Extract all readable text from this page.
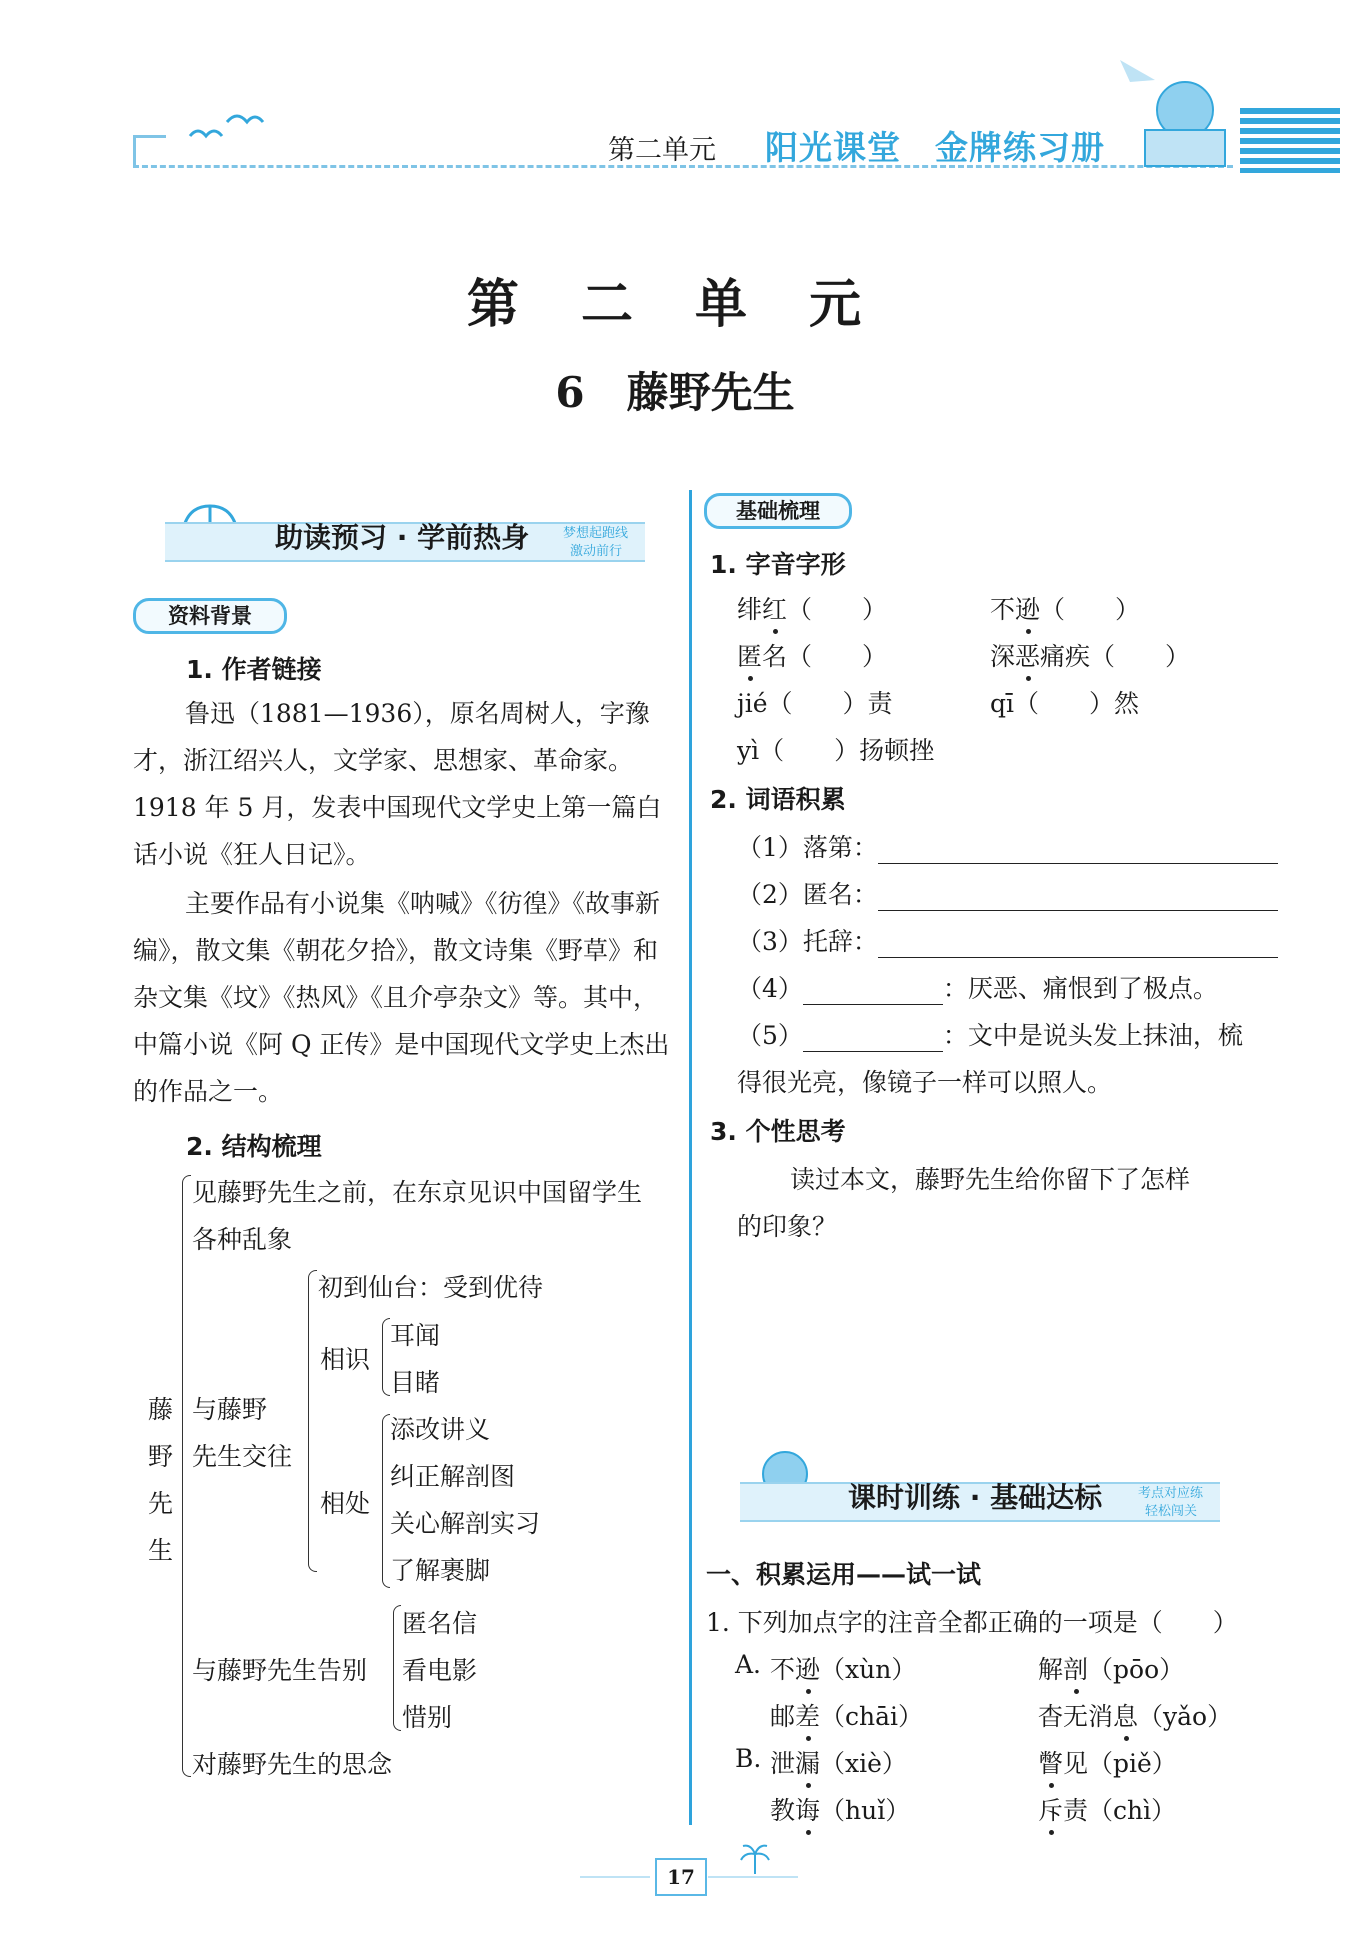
第二单元 阳光课堂　金牌练习册
第 二 单 元
6　藤野先生
助读预习 · 学前热身	梦想起跑线
激动前行
资料背景
1. 作者链接
鲁迅（1881—1936），原名周树人，字豫才，浙江绍兴人，文学家、思想家、革命家。1918 年 5 月，发表中国现代文学史上第一篇白话小说《狂人日记》。
主要作品有小说集《呐喊》《彷徨》《故事新编》，散文集《朝花夕拾》，散文诗集《野草》和杂文集《坟》《热风》《且介亭杂文》等。其中，中篇小说《阿 Q 正传》是中国现代文学史上杰出的作品之一。
2. 结构梳理
藤
野
先
生
见藤野先生之前，在东京见识中国留学生
各种乱象
与藤野
先生交往
初到仙台：受到优待
相识
耳闻
目睹
相处
添改讲义
纠正解剖图
关心解剖实习
了解裹脚
与藤野先生告别
匿名信
看电影
惜别
对藤野先生的思念
基础梳理
1. 字音字形
绯红（　　）	不逊（　　）
匿名（　　）	深恶痛疾（　　）
jié（　　）责	qī（　　）然
yì（　　）扬顿挫
2. 词语积累
（1）落第：
（2）匿名：
（3）托辞：
（4）	：厌恶、痛恨到了极点。
（5）	：文中是说头发上抹油，梳
得很光亮，像镜子一样可以照人。
3. 个性思考
读过本文，藤野先生给你留下了怎样
的印象？
课时训练 · 基础达标	考点对应练
轻松闯关
一、积累运用——试一试
1. 下列加点字的注音全都正确的一项是（　　）
A. 不逊（xùn）	解剖（pōo）
邮差（chāi）	杳无消息（yǎo）
B. 泄漏（xiè）	瞥见（piě）
教诲（huǐ）	斥责（chì）
17
